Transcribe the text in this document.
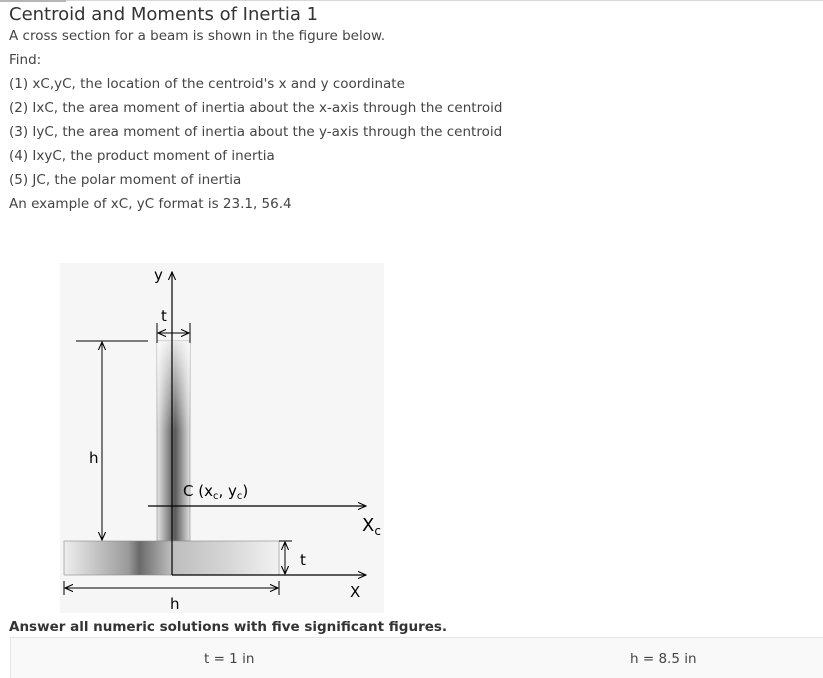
Centroid and Moments of Inertia 1
A cross section for a beam is shown in the figure below.
Find:
(1) xC,yC, the location of the centroid's x and y coordinate
(2) IxC, the area moment of inertia about the x-axis through the centroid
(3) IyC, the area moment of inertia about the y-axis through the centroid
(4) IxyC, the product moment of inertia
(5) JC, the polar moment of inertia
An example of xC, yC format is 23.1, 56.4
y
t
h
C ($x_c$, $y_c$)
$X_c$
t
X
h
Answer all numeric solutions with five significant figures.
t = 1 in	h = 8.5 in
